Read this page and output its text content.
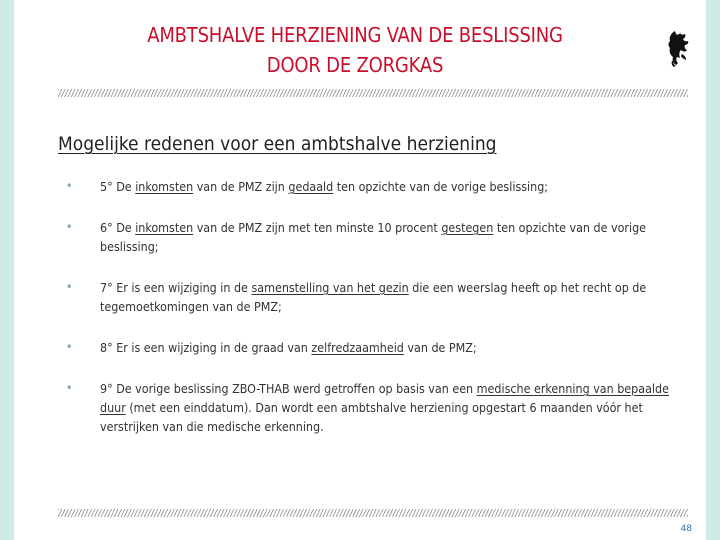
AMBTSHALVE HERZIENING VAN DE BESLISSING
DOOR DE ZORGKAS
Mogelijke redenen voor een ambtshalve herziening
• 5° De inkomsten van de PMZ zijn gedaald ten opzichte van de vorige beslissing;
• 6° De inkomsten van de PMZ zijn met ten minste 10 procent gestegen ten opzichte van de vorige beslissing;
• 7° Er is een wijziging in de samenstelling van het gezin die een weerslag heeft op het recht op de tegemoetkomingen van de PMZ;
• 8° Er is een wijziging in de graad van zelfredzaamheid van de PMZ;
• 9° De vorige beslissing ZBO-THAB werd getroffen op basis van een medische erkenning van bepaalde duur (met een einddatum). Dan wordt een ambtshalve herziening opgestart 6 maanden vóór het verstrijken van die medische erkenning.
48
